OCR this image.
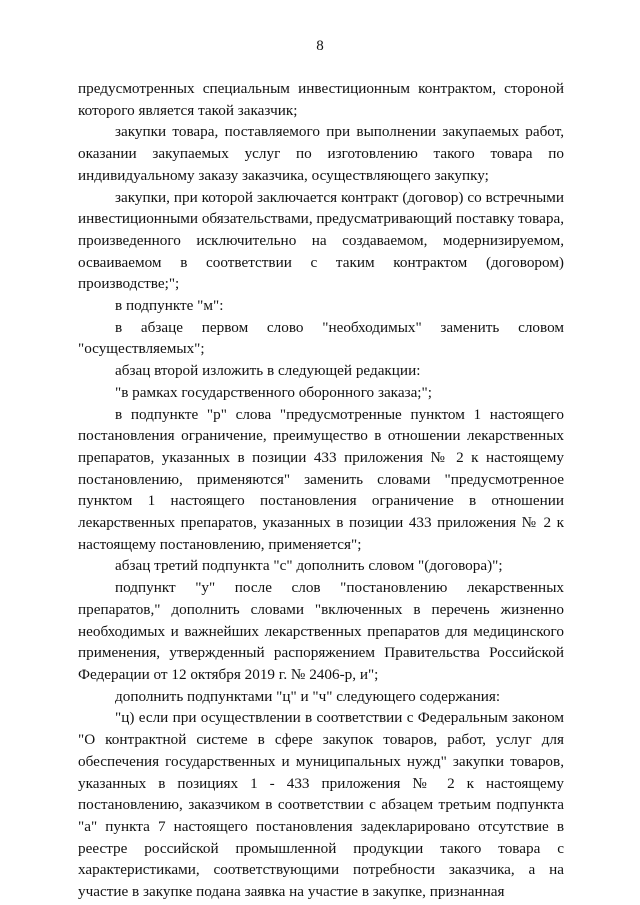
8

предусмотренных специальным инвестиционным контрактом, стороной которого является такой заказчик;

закупки товара, поставляемого при выполнении закупаемых работ, оказании закупаемых услуг по изготовлению такого товара по индивидуальному заказу заказчика, осуществляющего закупку;

закупки, при которой заключается контракт (договор) со встречными инвестиционными обязательствами, предусматривающий поставку товара, произведенного исключительно на создаваемом, модернизируемом, осваиваемом в соответствии с таким контрактом (договором) производстве;";

в подпункте "м":

в абзаце первом слово "необходимых" заменить словом "осуществляемых";

абзац второй изложить в следующей редакции:

"в рамках государственного оборонного заказа;";

в подпункте "р" слова "предусмотренные пунктом 1 настоящего постановления ограничение, преимущество в отношении лекарственных препаратов, указанных в позиции 433 приложения № 2 к настоящему постановлению, применяются" заменить словами "предусмотренное пунктом 1 настоящего постановления ограничение в отношении лекарственных препаратов, указанных в позиции 433 приложения № 2 к настоящему постановлению, применяется";

абзац третий подпункта "с" дополнить словом "(договора)";

подпункт "у" после слов "постановлению лекарственных препаратов," дополнить словами "включенных в перечень жизненно необходимых и важнейших лекарственных препаратов для медицинского применения, утвержденный распоряжением Правительства Российской Федерации от 12 октября 2019 г. № 2406-р, и";

дополнить подпунктами "ц" и "ч" следующего содержания:

"ц) если при осуществлении в соответствии с Федеральным законом "О контрактной системе в сфере закупок товаров, работ, услуг для обеспечения государственных и муниципальных нужд" закупки товаров, указанных в позициях 1 - 433 приложения № 2 к настоящему постановлению, заказчиком в соответствии с абзацем третьим подпункта "а" пункта 7 настоящего постановления задекларировано отсутствие в реестре российской промышленной продукции такого товара с характеристиками, соответствующими потребности заказчика, а на участие в закупке подана заявка на участие в закупке, признанная
